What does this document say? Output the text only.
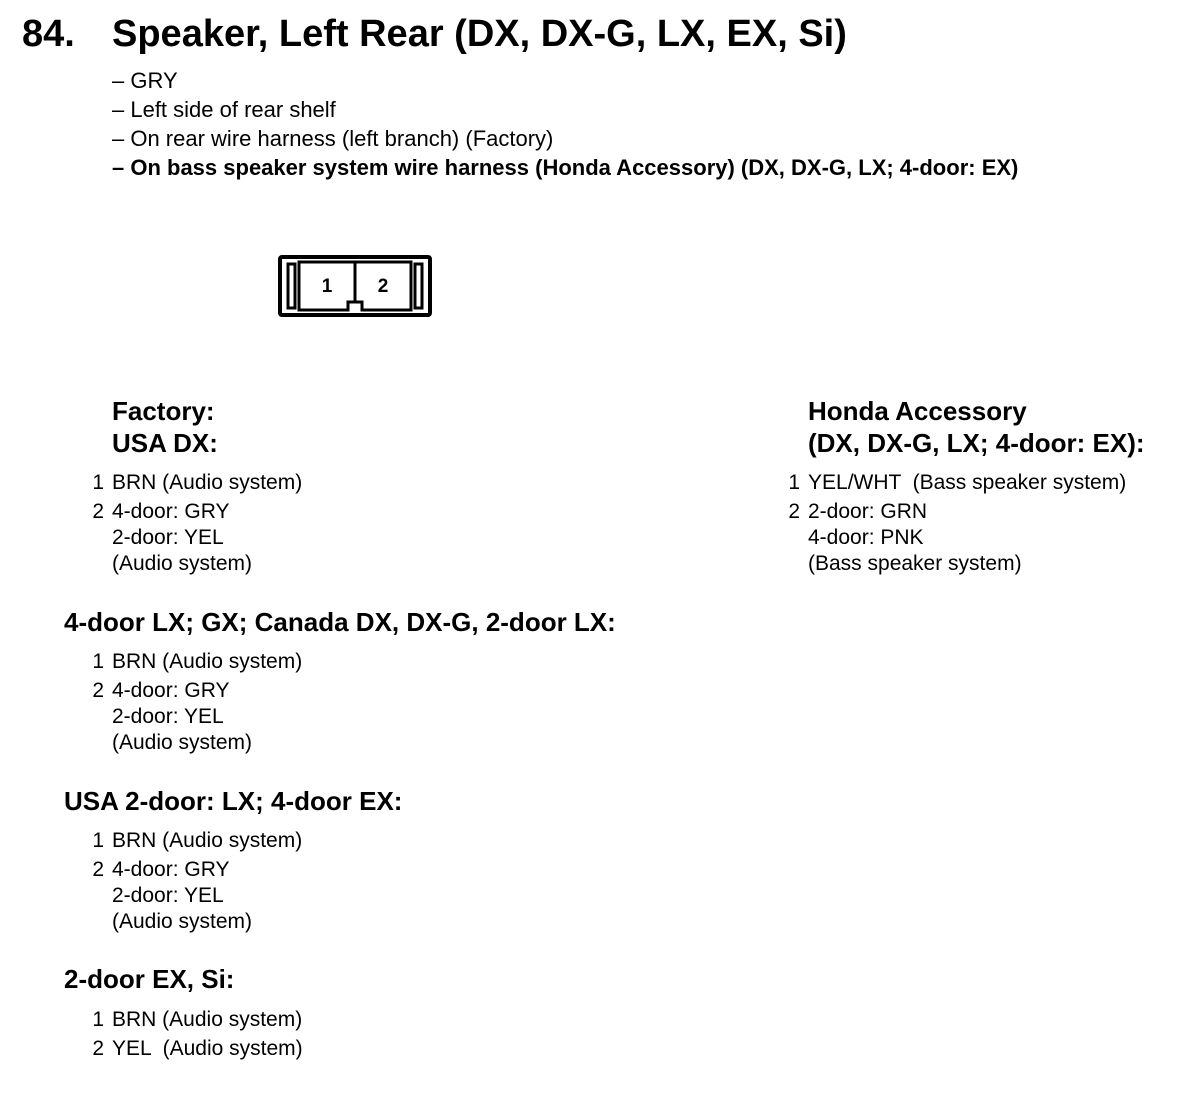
84. Speaker, Left Rear (DX, DX-G, LX, EX, Si)
– GRY
– Left side of rear shelf
– On rear wire harness (left branch) (Factory)
– On bass speaker system wire harness (Honda Accessory) (DX, DX-G, LX; 4-door: EX)
1 2
Factory:
USA DX:
1 BRN (Audio system)
2 4-door: GRY
2-door: YEL
(Audio system)
Honda Accessory
(DX, DX-G, LX; 4-door: EX):
1 YEL/WHT  (Bass speaker system)
2 2-door: GRN
4-door: PNK
(Bass speaker system)
4-door LX; GX; Canada DX, DX-G, 2-door LX:
1 BRN (Audio system)
2 4-door: GRY
2-door: YEL
(Audio system)
USA 2-door: LX; 4-door EX:
1 BRN (Audio system)
2 4-door: GRY
2-door: YEL
(Audio system)
2-door EX, Si:
1 BRN (Audio system)
2 YEL  (Audio system)
